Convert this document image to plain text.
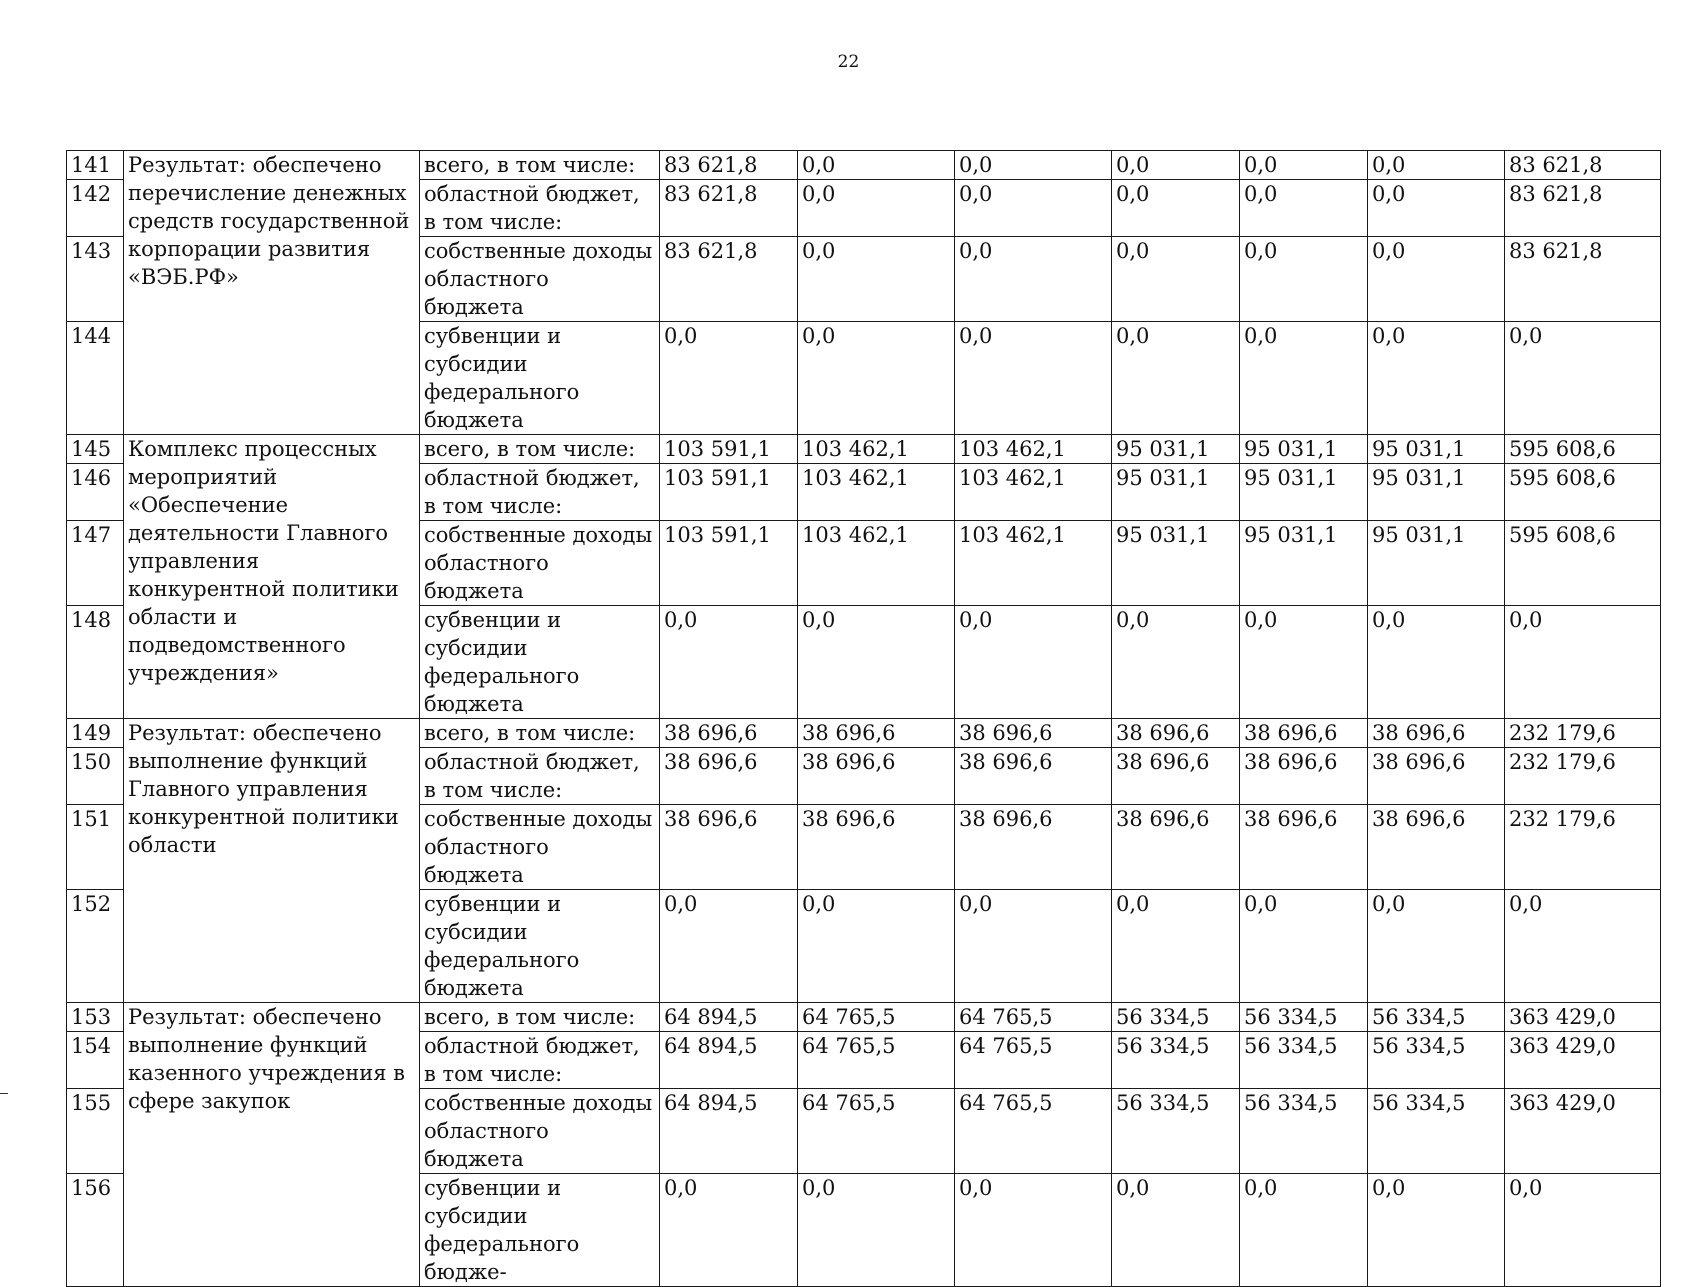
22
141	Результат: обеспечено перечисление денежных средств государственной корпорации развития «ВЭБ.РФ»	всего, в том числе:	83 621,8	0,0	0,0	0,0	0,0	0,0	83 621,8
142		областной бюджет, в том числе:	83 621,8	0,0	0,0	0,0	0,0	0,0	83 621,8
143		собственные доходы областного бюджета	83 621,8	0,0	0,0	0,0	0,0	0,0	83 621,8
144		субвенции и субсидии федерального бюджета	0,0	0,0	0,0	0,0	0,0	0,0	0,0
145	Комплекс процессных мероприятий «Обеспечение деятельности Главного управления конкурентной политики области и подведомственного учреждения»	всего, в том числе:	103 591,1	103 462,1	103 462,1	95 031,1	95 031,1	95 031,1	595 608,6
146		областной бюджет, в том числе:	103 591,1	103 462,1	103 462,1	95 031,1	95 031,1	95 031,1	595 608,6
147		собственные доходы областного бюджета	103 591,1	103 462,1	103 462,1	95 031,1	95 031,1	95 031,1	595 608,6
148		субвенции и субсидии федерального бюджета	0,0	0,0	0,0	0,0	0,0	0,0	0,0
149	Результат: обеспечено выполнение функций Главного управления конкурентной политики области	всего, в том числе:	38 696,6	38 696,6	38 696,6	38 696,6	38 696,6	38 696,6	232 179,6
150		областной бюджет, в том числе:	38 696,6	38 696,6	38 696,6	38 696,6	38 696,6	38 696,6	232 179,6
151		собственные доходы областного бюджета	38 696,6	38 696,6	38 696,6	38 696,6	38 696,6	38 696,6	232 179,6
152		субвенции и субсидии федерального бюджета	0,0	0,0	0,0	0,0	0,0	0,0	0,0
153	Результат: обеспечено выполнение функций казенного учреждения в сфере закупок	всего, в том числе:	64 894,5	64 765,5	64 765,5	56 334,5	56 334,5	56 334,5	363 429,0
154		областной бюджет, в том числе:	64 894,5	64 765,5	64 765,5	56 334,5	56 334,5	56 334,5	363 429,0
155		собственные доходы областного бюджета	64 894,5	64 765,5	64 765,5	56 334,5	56 334,5	56 334,5	363 429,0
156		субвенции и субсидии федерального бюдже-	0,0	0,0	0,0	0,0	0,0	0,0	0,0
